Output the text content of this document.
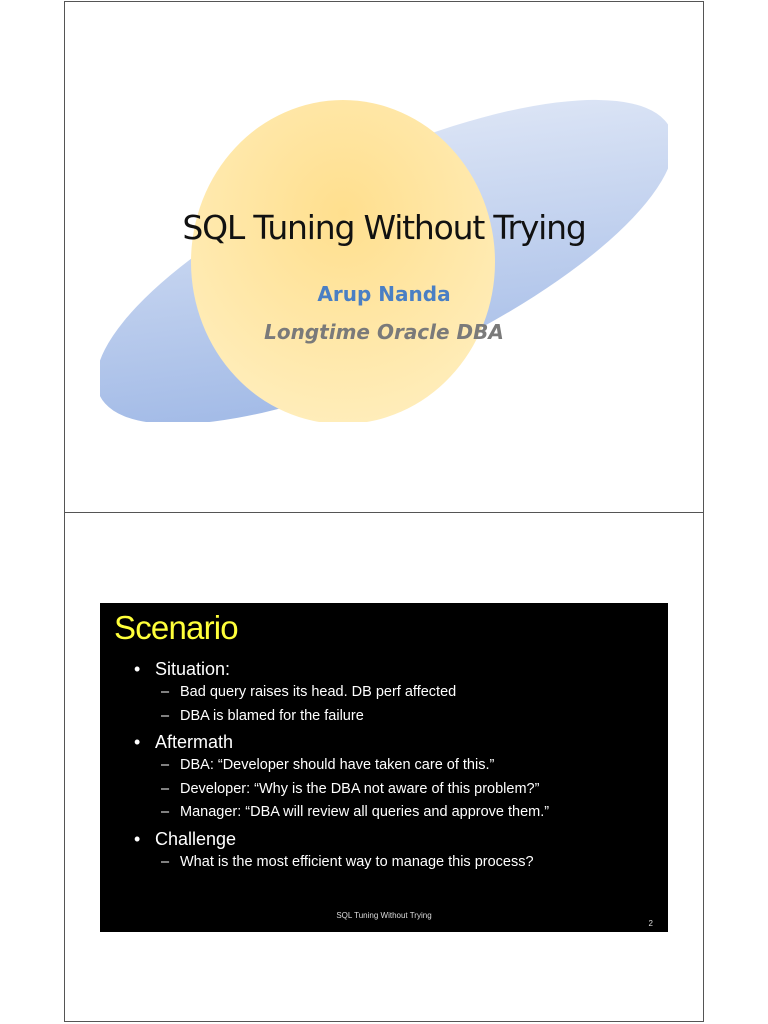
SQL Tuning Without Trying
Arup Nanda
Longtime Oracle DBA
Scenario
• Situation:
– Bad query raises its head. DB perf affected
– DBA is blamed for the failure
• Aftermath
– DBA: “Developer should have taken care of this.”
– Developer: “Why is the DBA not aware of this problem?”
– Manager: “DBA will review all queries and approve them.”
• Challenge
– What is the most efficient way to manage this process?
SQL Tuning Without Trying
2
